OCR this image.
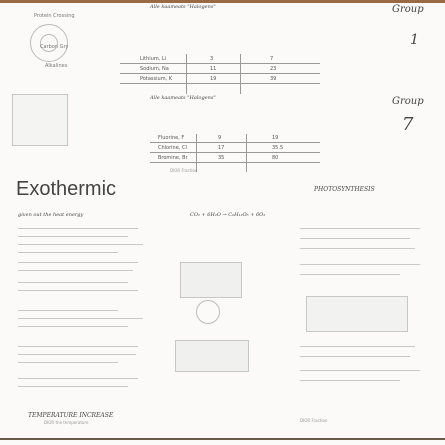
Protein Crossing
Carbon Gry
Alkalines
Alle kaameats "Halogens"	Group
1
Lithium, Li	3	7
Sodium, Na	11	23
Potassium, K	19	39
Alle kaameats "Halogens"	Group
7
Fluorine, F	9	19
Chlorine, Cl	17	35.5
Bromine, Br	35	80
DIOR Fraction
Exothermic	PHOTOSYNTHESIS
given out the heat energy	CO₂ + 6H₂O → C₆H₁₂O₆ + 6O₂
TEMPERATURE INCREASE
DIOR the temperature	DIOR Fraction
